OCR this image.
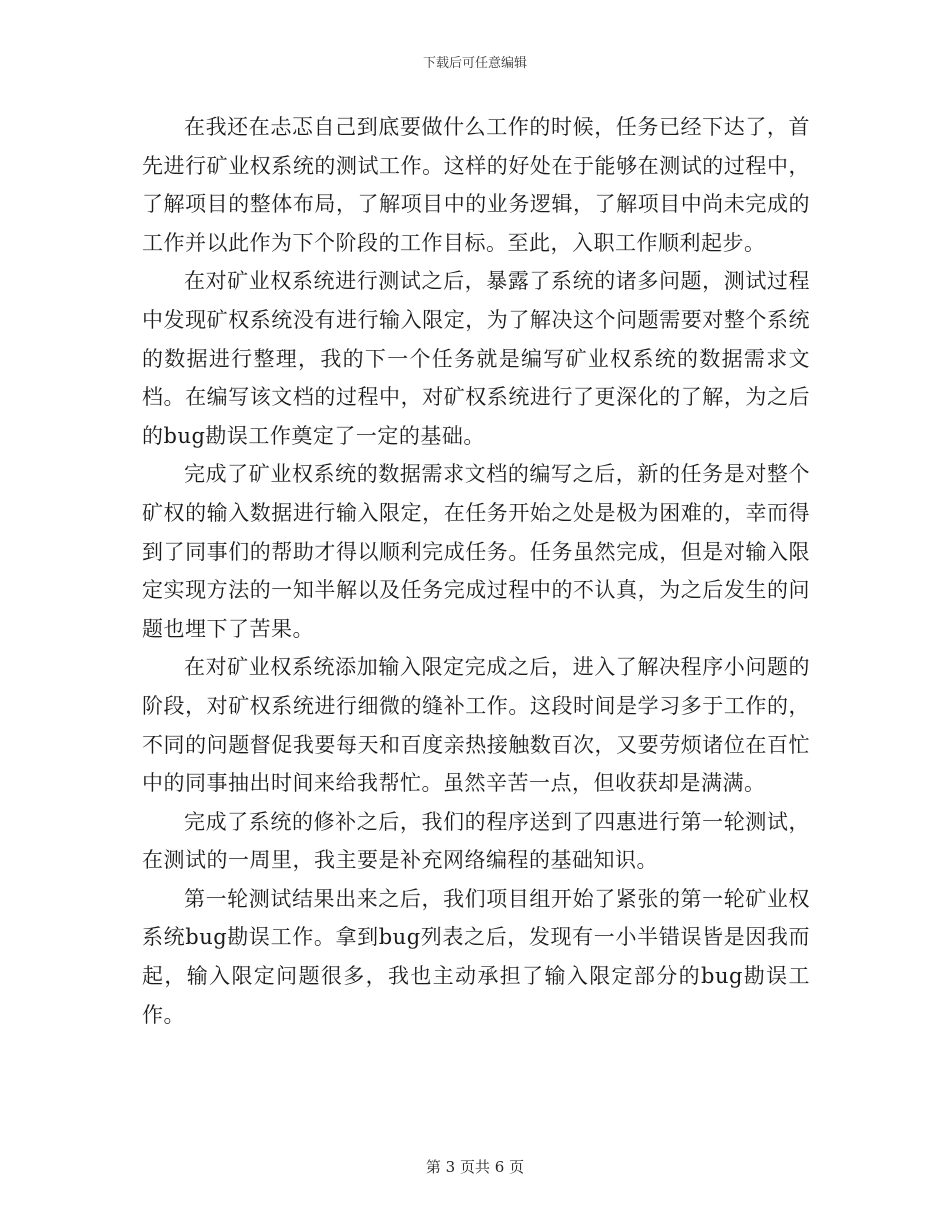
下载后可任意编辑

在我还在忐忑自己到底要做什么工作的时候，任务已经下达了，首先进行矿业权系统的测试工作。这样的好处在于能够在测试的过程中，了解项目的整体布局，了解项目中的业务逻辑，了解项目中尚未完成的工作并以此作为下个阶段的工作目标。至此，入职工作顺利起步。

在对矿业权系统进行测试之后，暴露了系统的诸多问题，测试过程中发现矿权系统没有进行输入限定，为了解决这个问题需要对整个系统的数据进行整理，我的下一个任务就是编写矿业权系统的数据需求文档。在编写该文档的过程中，对矿权系统进行了更深化的了解，为之后的bug勘误工作奠定了一定的基础。

完成了矿业权系统的数据需求文档的编写之后，新的任务是对整个矿权的输入数据进行输入限定，在任务开始之处是极为困难的，幸而得到了同事们的帮助才得以顺利完成任务。任务虽然完成，但是对输入限定实现方法的一知半解以及任务完成过程中的不认真，为之后发生的问题也埋下了苦果。

在对矿业权系统添加输入限定完成之后，进入了解决程序小问题的阶段，对矿权系统进行细微的缝补工作。这段时间是学习多于工作的，不同的问题督促我要每天和百度亲热接触数百次，又要劳烦诸位在百忙中的同事抽出时间来给我帮忙。虽然辛苦一点，但收获却是满满。

完成了系统的修补之后，我们的程序送到了四惠进行第一轮测试，在测试的一周里，我主要是补充网络编程的基础知识。

第一轮测试结果出来之后，我们项目组开始了紧张的第一轮矿业权系统bug勘误工作。拿到bug列表之后，发现有一小半错误皆是因我而起，输入限定问题很多，我也主动承担了输入限定部分的bug勘误工作。

第 3 页共 6 页
